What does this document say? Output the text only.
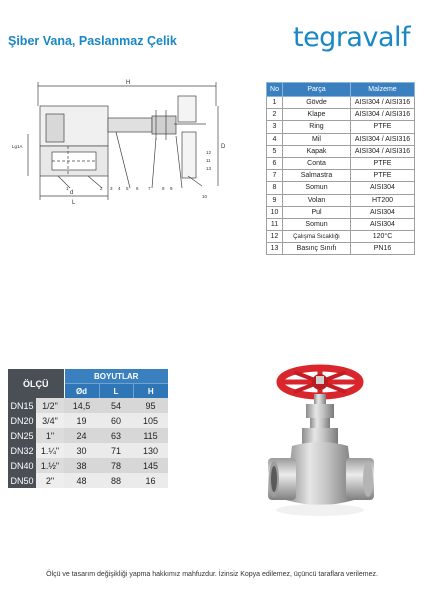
Şiber Vana, Paslanmaz Çelik	tegravalf
H
D
d
L
Lg1A
1	2 3 4 5 6 7	8 9
10
11
12
13
No	Parça	Malzeme
1	Gövde	AISI304 / AISI316
2	Klape	AISI304 / AISI316
3	Ring	PTFE
4	Mil	AISI304 / AISI316
5	Kapak	AISI304 / AISI316
6	Conta	PTFE
7	Salmastra	PTFE
8	Somun	AISI304
9	Volan	HT200
10	Pul	AISI304
11	Somun	AISI304
12	Çalışma Sıcaklığı	120°C
13	Basınç Sınıfı	PN16
ÖLÇÜ		BOYUTLAR		
		Ød	L	H
DN15	1/2"	14,5	54	95
DN20	3/4"	19	60	105
DN25	1"	24	63	115
DN32	1.¼"	30	71	130
DN40	1.½"	38	78	145
DN50	2"	48	88	16
Ölçü ve tasarım değişikliği yapma hakkımız mahfuzdur. İzinsiz Kopya edilemez, üçüncü taraflara verilemez.
